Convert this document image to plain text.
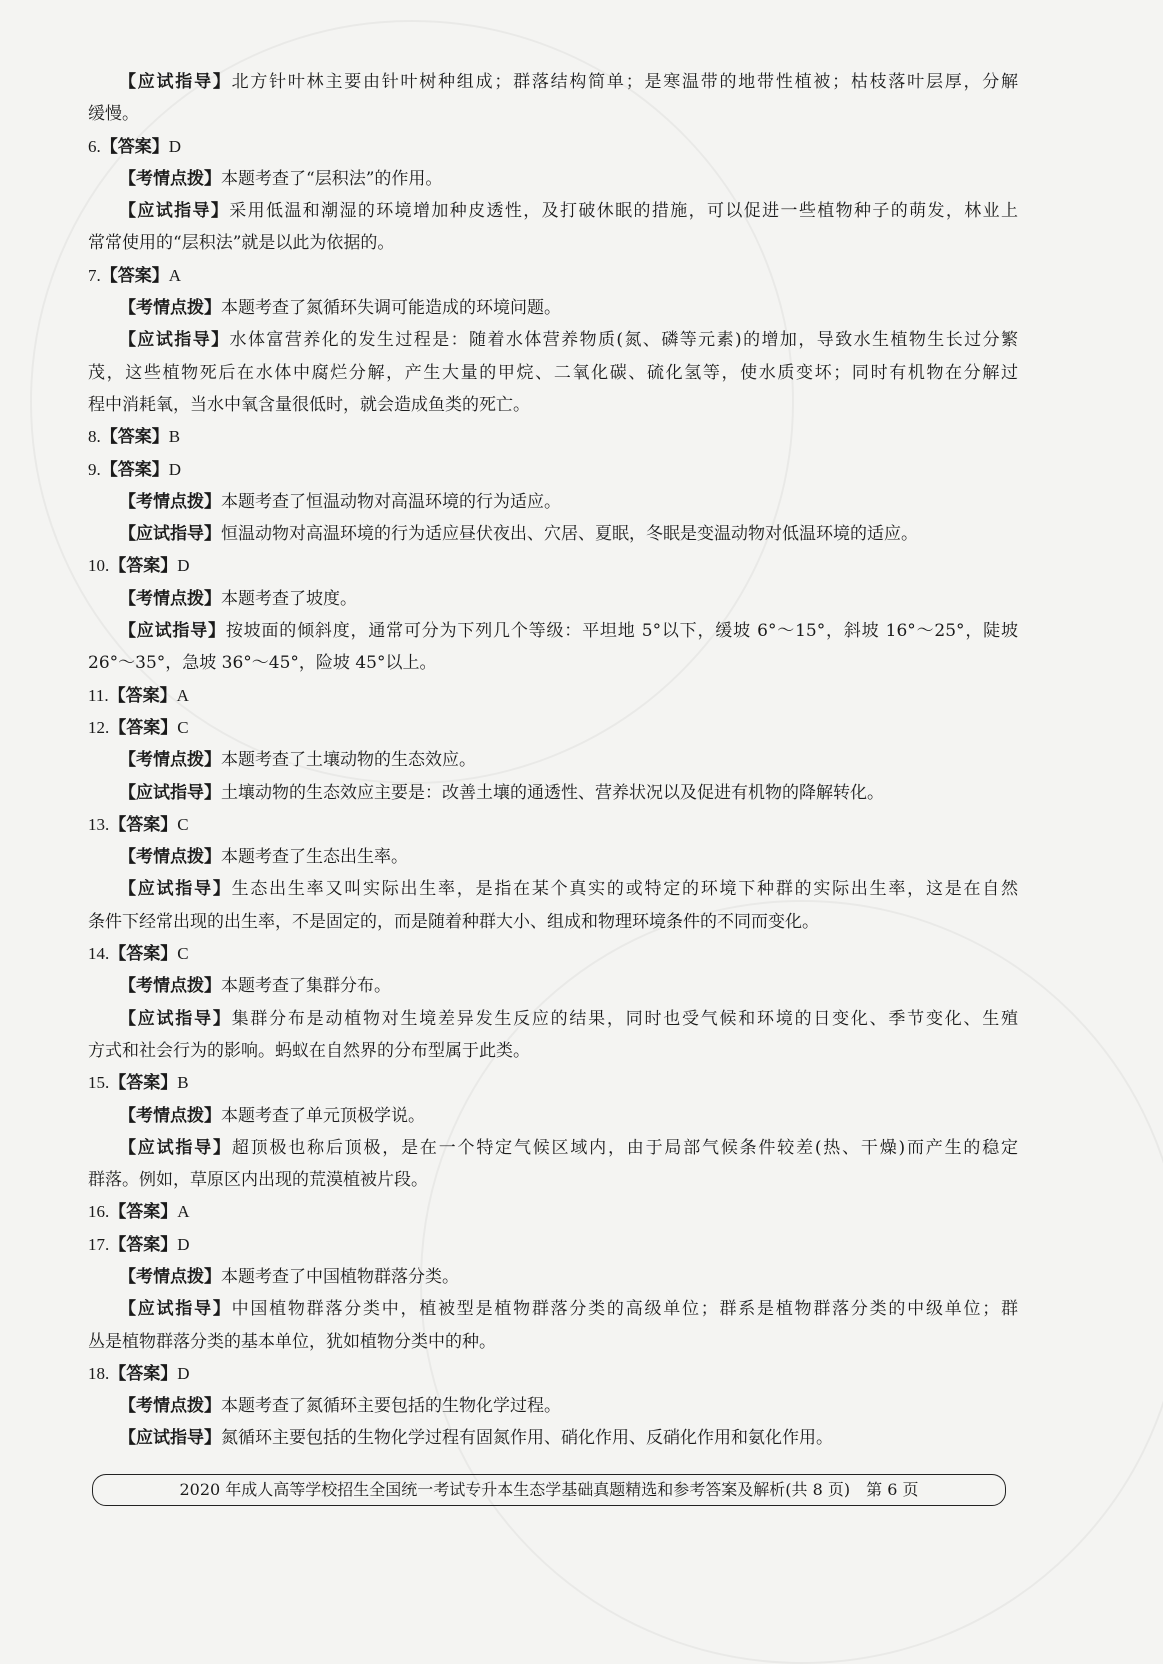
【应试指导】北方针叶林主要由针叶树种组成；群落结构简单；是寒温带的地带性植被；枯枝落叶层厚，分解
缓慢。
6.【答案】D
【考情点拨】本题考查了“层积法”的作用。
【应试指导】采用低温和潮湿的环境增加种皮透性，及打破休眠的措施，可以促进一些植物种子的萌发，林业上
常常使用的“层积法”就是以此为依据的。
7.【答案】A
【考情点拨】本题考查了氮循环失调可能造成的环境问题。
【应试指导】水体富营养化的发生过程是：随着水体营养物质(氮、磷等元素)的增加，导致水生植物生长过分繁
茂，这些植物死后在水体中腐烂分解，产生大量的甲烷、二氧化碳、硫化氢等，使水质变坏；同时有机物在分解过
程中消耗氧，当水中氧含量很低时，就会造成鱼类的死亡。
8.【答案】B
9.【答案】D
【考情点拨】本题考查了恒温动物对高温环境的行为适应。
【应试指导】恒温动物对高温环境的行为适应昼伏夜出、穴居、夏眠，冬眠是变温动物对低温环境的适应。
10.【答案】D
【考情点拨】本题考查了坡度。
【应试指导】按坡面的倾斜度，通常可分为下列几个等级：平坦地 5°以下，缓坡 6°～15°，斜坡 16°～25°，陡坡
26°～35°，急坡 36°～45°，险坡 45°以上。
11.【答案】A
12.【答案】C
【考情点拨】本题考查了土壤动物的生态效应。
【应试指导】土壤动物的生态效应主要是：改善土壤的通透性、营养状况以及促进有机物的降解转化。
13.【答案】C
【考情点拨】本题考查了生态出生率。
【应试指导】生态出生率又叫实际出生率，是指在某个真实的或特定的环境下种群的实际出生率，这是在自然
条件下经常出现的出生率，不是固定的，而是随着种群大小、组成和物理环境条件的不同而变化。
14.【答案】C
【考情点拨】本题考查了集群分布。
【应试指导】集群分布是动植物对生境差异发生反应的结果，同时也受气候和环境的日变化、季节变化、生殖
方式和社会行为的影响。蚂蚁在自然界的分布型属于此类。
15.【答案】B
【考情点拨】本题考查了单元顶极学说。
【应试指导】超顶极也称后顶极，是在一个特定气候区域内，由于局部气候条件较差(热、干燥)而产生的稳定
群落。例如，草原区内出现的荒漠植被片段。
16.【答案】A
17.【答案】D
【考情点拨】本题考查了中国植物群落分类。
【应试指导】中国植物群落分类中，植被型是植物群落分类的高级单位；群系是植物群落分类的中级单位；群
丛是植物群落分类的基本单位，犹如植物分类中的种。
18.【答案】D
【考情点拨】本题考查了氮循环主要包括的生物化学过程。
【应试指导】氮循环主要包括的生物化学过程有固氮作用、硝化作用、反硝化作用和氨化作用。
2020 年成人高等学校招生全国统一考试专升本生态学基础真题精选和参考答案及解析(共 8 页)　第 6 页
